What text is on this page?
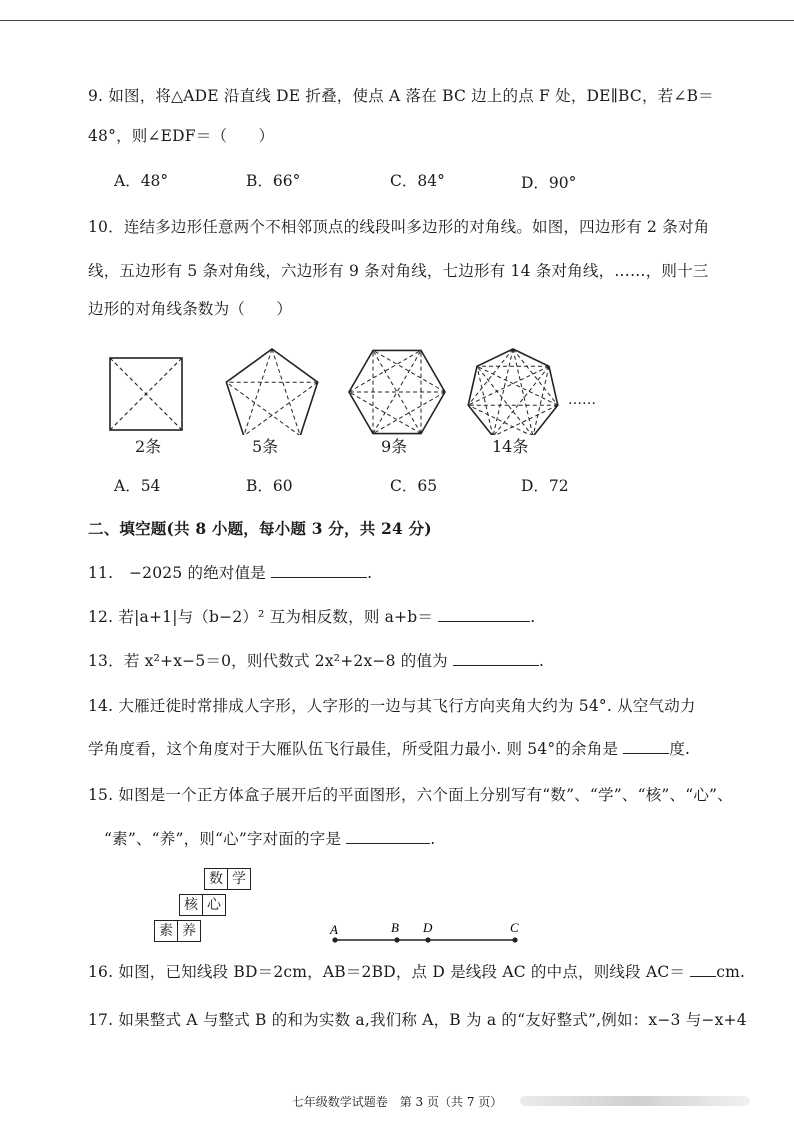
9. 如图，将△ADE 沿直线 DE 折叠，使点 A 落在 BC 边上的点 F 处，DE∥BC，若∠B＝
48°，则∠EDF＝（　　）
A．48°	B．66°	C．84°	D．90°
10．连结多边形任意两个不相邻顶点的线段叫多边形的对角线。如图，四边形有 2 条对角
线，五边形有 5 条对角线，六边形有 9 条对角线，七边形有 14 条对角线，……，则十三
边形的对角线条数为（　　）
……
2条	5条	9条	14条
A．54	B．60	C．65	D．72
二、填空题(共 8 小题，每小题 3 分，共 24 分)
11.　−2025 的绝对值是	.
12. 若|a+1|与（b−2）² 互为相反数，则 a+b＝	.
13．若 x²+x−5＝0，则代数式 2x²+2x−8 的值为	.
14. 大雁迁徙时常排成人字形，人字形的一边与其飞行方向夹角大约为 54°. 从空气动力
学角度看，这个角度对于大雁队伍飞行最佳，所受阻力最小. 则 54°的余角是	度.
15. 如图是一个正方体盒子展开后的平面图形，六个面上分别写有“数”、“学”、“核”、“心”、
“素”、“养”，则“心”字对面的字是	.
数 学
核 心
素 养	A	B D	C
16. 如图，已知线段 BD＝2cm，AB＝2BD，点 D 是线段 AC 的中点，则线段 AC＝ cm.
17. 如果整式 A 与整式 B 的和为实数 a,我们称 A，B 为 a 的“友好整式”,例如：x−3 与−x+4
七年级数学试题卷　第 3 页（共 7 页）
